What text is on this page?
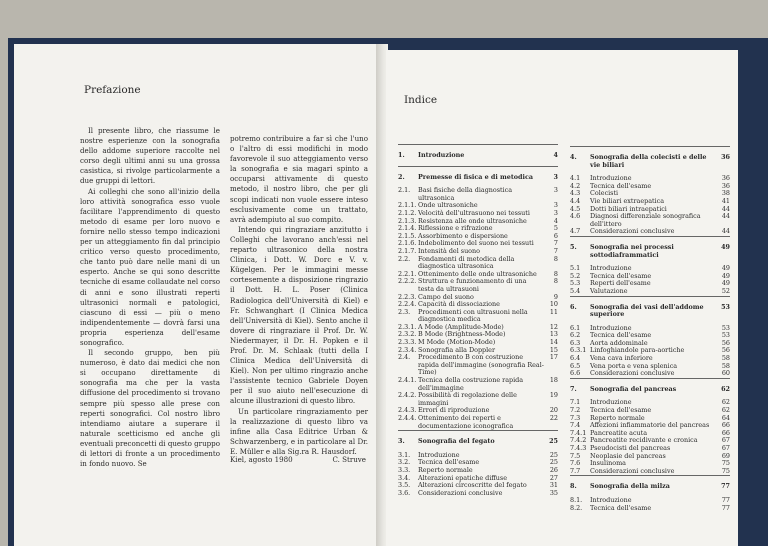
Prefazione

Il presente libro, che riassume le nostre esperienze con la sonografia dello addome superiore raccolte nel corso degli ultimi anni su una grossa casistica, si rivolge particolarmente a due gruppi di lettori.

Ai colleghi che sono all'inizio della loro attività sonografica esso vuole facilitare l'apprendimento di questo metodo di esame per loro nuovo e fornire nello stesso tempo indicazioni per un atteggiamento fin dal principio critico verso questo procedimento, che tanto può dare nelle mani di un esperto. Anche se qui sono descritte tecniche di esame collaudate nel corso di anni e sono illustrati reperti ultrasonici normali e patologici, ciascuno di essi — più o meno indipendentemente — dovrà farsi una propria esperienza dell'esame sonografico.

Il secondo gruppo, ben più numeroso, è dato dai medici che non si occupano direttamente di sonografia ma che per la vasta diffusione del procedimento si trovano sempre più spesso alle prese con reperti sonografici. Col nostro libro intendiamo aiutare a superare il naturale scetticismo ed anche gli eventuali preconcetti di questo gruppo di lettori di fronte a un procedimento in fondo nuovo. Se

potremo contribuire a far sì che l'uno o l'altro di essi modifichi in modo favorevole il suo atteggiamento verso la sonografia e sia magari spinto a occuparsi attivamente di questo metodo, il nostro libro, che per gli scopi indicati non vuole essere inteso esclusivamente come un trattato, avrà adempiuto al suo compito.

Intendo qui ringraziare anzitutto i Colleghi che lavorano anch'essi nel reparto ultrasonico della nostra Clinica, i Dott. W. Dorc e V. v. Kügelgen. Per le immagini messe cortesemente a disposizione ringrazio il Dott. H. L. Poser (Clinica Radiologica dell'Università di Kiel) e Fr. Schwanghart (I Clinica Medica dell'Università di Kiel). Sento anche il dovere di ringraziare il Prof. Dr. W. Niedermayer, il Dr. H. Popken e il Prof. Dr. M. Schlaak (tutti della I Clinica Medica dell'Università di Kiel). Non per ultimo ringrazio anche l'assistente tecnico Gabriele Doyen per il suo aiuto nell'esecuzione di alcune illustrazioni di questo libro.

Un particolare ringraziamento per la realizzazione di questo libro va infine alla Casa Editrice Urban & Schwarzenberg, e in particolare al Dr. E. Müller e alla Sig.ra R. Hausdorf.

Kiel, agosto 1980	C. Struve
Indice
1.	Introduzione	4
2.	Premesse di fisica e di metodica	3
2.1.	Basi fisiche della diagnostica ultrasonica
3
2.1.1. Onde ultrasoniche	3
2.1.2. Velocità dell'ultrasuono nei tessuti	3
2.1.3. Resistenza alle onde ultrasoniche	4
2.1.4. Riflessione e rifrazione	5
2.1.5. Assorbimento e dispersione	6
2.1.6. Indebolimento del suono nei tessuti	7
2.1.7. Intensità del suono	7
2.2.	Fondamenti di metodica della diagnostica ultrasonica
8
2.2.1. Ottenimento delle onde ultrasoniche	8
2.2.2. Struttura e funzionamento di una testa da ultrasuoni
8
2.2.3. Campo del suono	9
2.2.4. Capacità di dissociazione	10
2.3.	Procedimenti con ultrasuoni nella diagnostica medica
11
2.3.1. A Mode (Amplitude-Mode)	12
2.3.2. B Mode (Brightness-Mode)	13
2.3.3. M Mode (Motion-Mode)	14
2.3.4. Sonografia alla Doppler	15
2.4.	Procedimento B con costruzione rapida dell'immagine (sonografia Real-Time)
17
2.4.1. Tecnica della costruzione rapida dell'immagine
18
2.4.2. Possibilità di regolazione delle immagini
19
2.4.3. Errori di riproduzione	20
2.4.4. Ottenimento dei reperti e documentazione iconografica
22
3.	Sonografia del fegato	25
3.1.	Introduzione	25
3.2.	Tecnica dell'esame	25
3.3.	Reperto normale	26
3.4.	Alterazioni epatiche diffuse	27
3.5.	Alterazioni circoscritte del fegato	31
3.6.	Considerazioni conclusive	35
4.	Sonografia della colecisti e delle vie biliari
36
4.1	Introduzione	36
4.2	Tecnica dell'esame	36
4.3	Colecisti	38
4.4	Vie biliari extraepatica	41
4.5	Dotti biliari intraepatici	44
4.6	Diagnosi differenziale sonografica dell'ittero
44
4.7	Considerazioni conclusive	44
5.	Sonografia nei processi sottodiaframmatici
49
5.1	Introduzione	49
5.2	Tecnica dell'esame	49
5.3	Reperti dell'esame	49
5.4	Valutazione	52
6.	Sonografia dei vasi dell'addome superiore
53
6.1	Introduzione	53
6.2	Tecnica dell'esame	53
6.3	Aorta addominale	56
6.3.1 Linfoghiandole para-aortiche	56
6.4	Vena cava inferiore	58
6.5	Vena porta e vena splenica	58
6.6	Considerazioni conclusive	60
7.	Sonografia del pancreas	62
7.1	Introduzione	62
7.2	Tecnica dell'esame	62
7.3	Reperto normale	64
7.4	Affezioni infiammatorie del pancreas	66
7.4.1 Pancreatite acuta	66
7.4.2 Pancreatite recidivante e cronica	67
7.4.3 Pseudocisti del pancreas	67
7.5	Neoplasie del pancreas	69
7.6	Insulinoma	75
7.7	Considerazioni conclusive	75
8.	Sonografia della milza	77
8.1.	Introduzione	77
8.2.	Tecnica dell'esame	77
